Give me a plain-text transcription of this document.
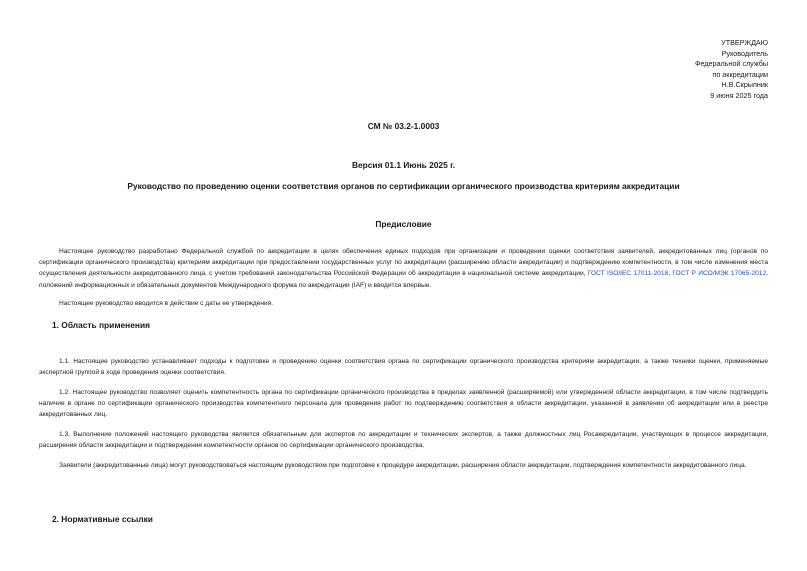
УТВЕРЖДАЮ
Руководитель
Федеральной службы
по аккредитации
Н.В.Скрыпник
9 июня 2025 года
СМ № 03.2-1.0003
Версия 01.1 Июнь 2025 г.
Руководство по проведению оценки соответствия органов по сертификации органического производства критериям аккредитации
Предисловие

Настоящее руководство разработано Федеральной службой по аккредитации в целях обеспечения единых подходов при организации и проведении оценки соответствия заявителей, аккредитованных лиц (органов по сертификации органического производства) критериям аккредитации при предоставлении государственных услуг по аккредитации (расширению области аккредитации) и подтверждению компетентности, в том числе изменения места осуществления деятельности аккредитованного лица, с учетом требований законодательства Российской Федерации об аккредитации в национальной системе аккредитации, ГОСТ ISO/IEC 17011-2018, ГОСТ Р ИСО/МЭК 17065-2012, положений информационных и обязательных документов Международного форума по аккредитации (IAF) и вводится впервые.

Настоящее руководство вводится в действие с даты ее утверждения.

1. Область применения

1.1. Настоящее руководство устанавливает подходы к подготовке и проведению оценки соответствия органа по сертификации органического производства критериям аккредитации, а также техники оценки, применяемые экспертной группой в ходе проведения оценки соответствия.

1.2. Настоящее руководство позволяет оценить компетентность органа по сертификации органического производства в пределах заявленной (расширяемой) или утвержденной области аккредитации, в том числе подтвердить наличие в органе по сертификации органического производства компетентного персонала для проведения работ по подтверждению соответствия в области аккредитации, указанной в заявлении об аккредитации или в реестре аккредитованных лиц.

1.3. Выполнение положений настоящего руководства является обязательным для экспертов по аккредитации и технических экспертов, а также должностных лиц Росаккредитации, участвующих в процессе аккредитации, расширения области аккредитации и подтверждения компетентности органов по сертификации органического производства.

Заявители (аккредитованные лица) могут руководствоваться настоящим руководством при подготовке к процедуре аккредитации, расширения области аккредитации, подтверждения компетентности аккредитованного лица.

2. Нормативные ссылки
